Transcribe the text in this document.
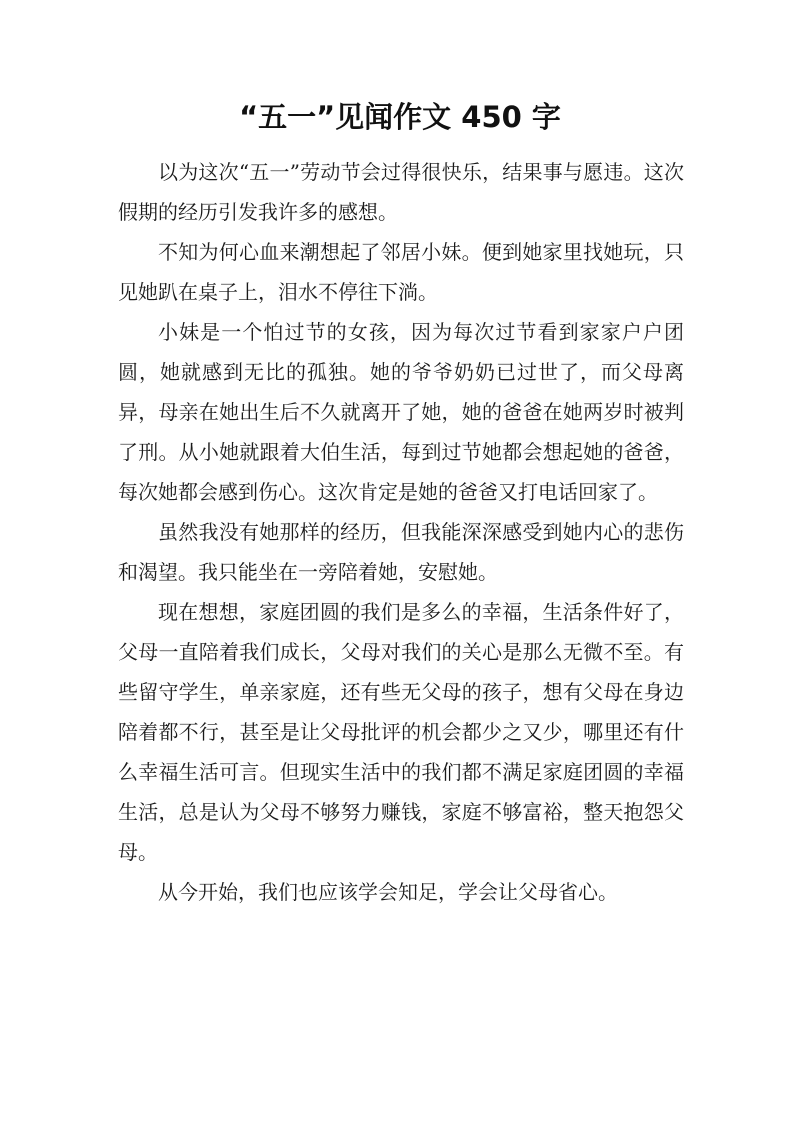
“五一”见闻作文 450 字

以为这次“五一”劳动节会过得很快乐，结果事与愿违。这次假期的经历引发我许多的感想。

不知为何心血来潮想起了邻居小妹。便到她家里找她玩，只见她趴在桌子上，泪水不停往下淌。

小妹是一个怕过节的女孩，因为每次过节看到家家户户团圆，她就感到无比的孤独。她的爷爷奶奶已过世了，而父母离异，母亲在她出生后不久就离开了她，她的爸爸在她两岁时被判了刑。从小她就跟着大伯生活，每到过节她都会想起她的爸爸，每次她都会感到伤心。这次肯定是她的爸爸又打电话回家了。

虽然我没有她那样的经历，但我能深深感受到她内心的悲伤和渴望。我只能坐在一旁陪着她，安慰她。

现在想想，家庭团圆的我们是多么的幸福，生活条件好了，父母一直陪着我们成长，父母对我们的关心是那么无微不至。有些留守学生，单亲家庭，还有些无父母的孩子，想有父母在身边陪着都不行，甚至是让父母批评的机会都少之又少，哪里还有什么幸福生活可言。但现实生活中的我们都不满足家庭团圆的幸福生活，总是认为父母不够努力赚钱，家庭不够富裕，整天抱怨父母。

从今开始，我们也应该学会知足，学会让父母省心。
